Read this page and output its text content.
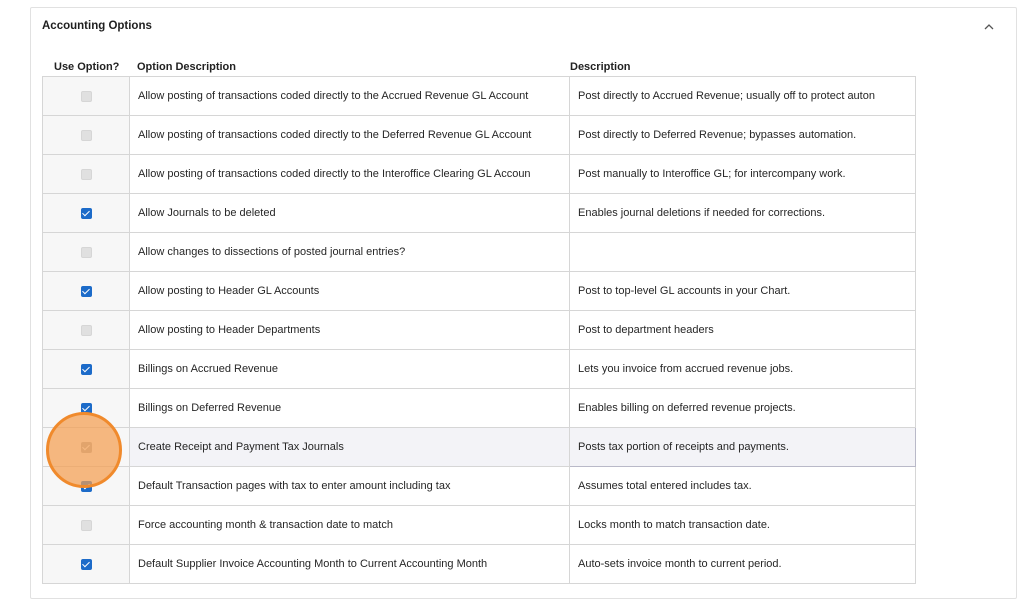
Accounting Options
Use Option? Option Description	Description
	Allow posting of transactions coded directly to the Accrued Revenue GL Account	Post directly to Accrued Revenue; usually off to protect auton
	Allow posting of transactions coded directly to the Deferred Revenue GL Account	Post directly to Deferred Revenue; bypasses automation.
	Allow posting of transactions coded directly to the Interoffice Clearing GL Accoun	Post manually to Interoffice GL; for intercompany work.
	Allow Journals to be deleted	Enables journal deletions if needed for corrections.
	Allow changes to dissections of posted journal entries?	
	Allow posting to Header GL Accounts	Post to top-level GL accounts in your Chart.
	Allow posting to Header Departments	Post to department headers
	Billings on Accrued Revenue	Lets you invoice from accrued revenue jobs.
	Billings on Deferred Revenue	Enables billing on deferred revenue projects.
	Create Receipt and Payment Tax Journals	Posts tax portion of receipts and payments.
	Default Transaction pages with tax to enter amount including tax	Assumes total entered includes tax.
	Force accounting month & transaction date to match	Locks month to match transaction date.
	Default Supplier Invoice Accounting Month to Current Accounting Month	Auto-sets invoice month to current period.
